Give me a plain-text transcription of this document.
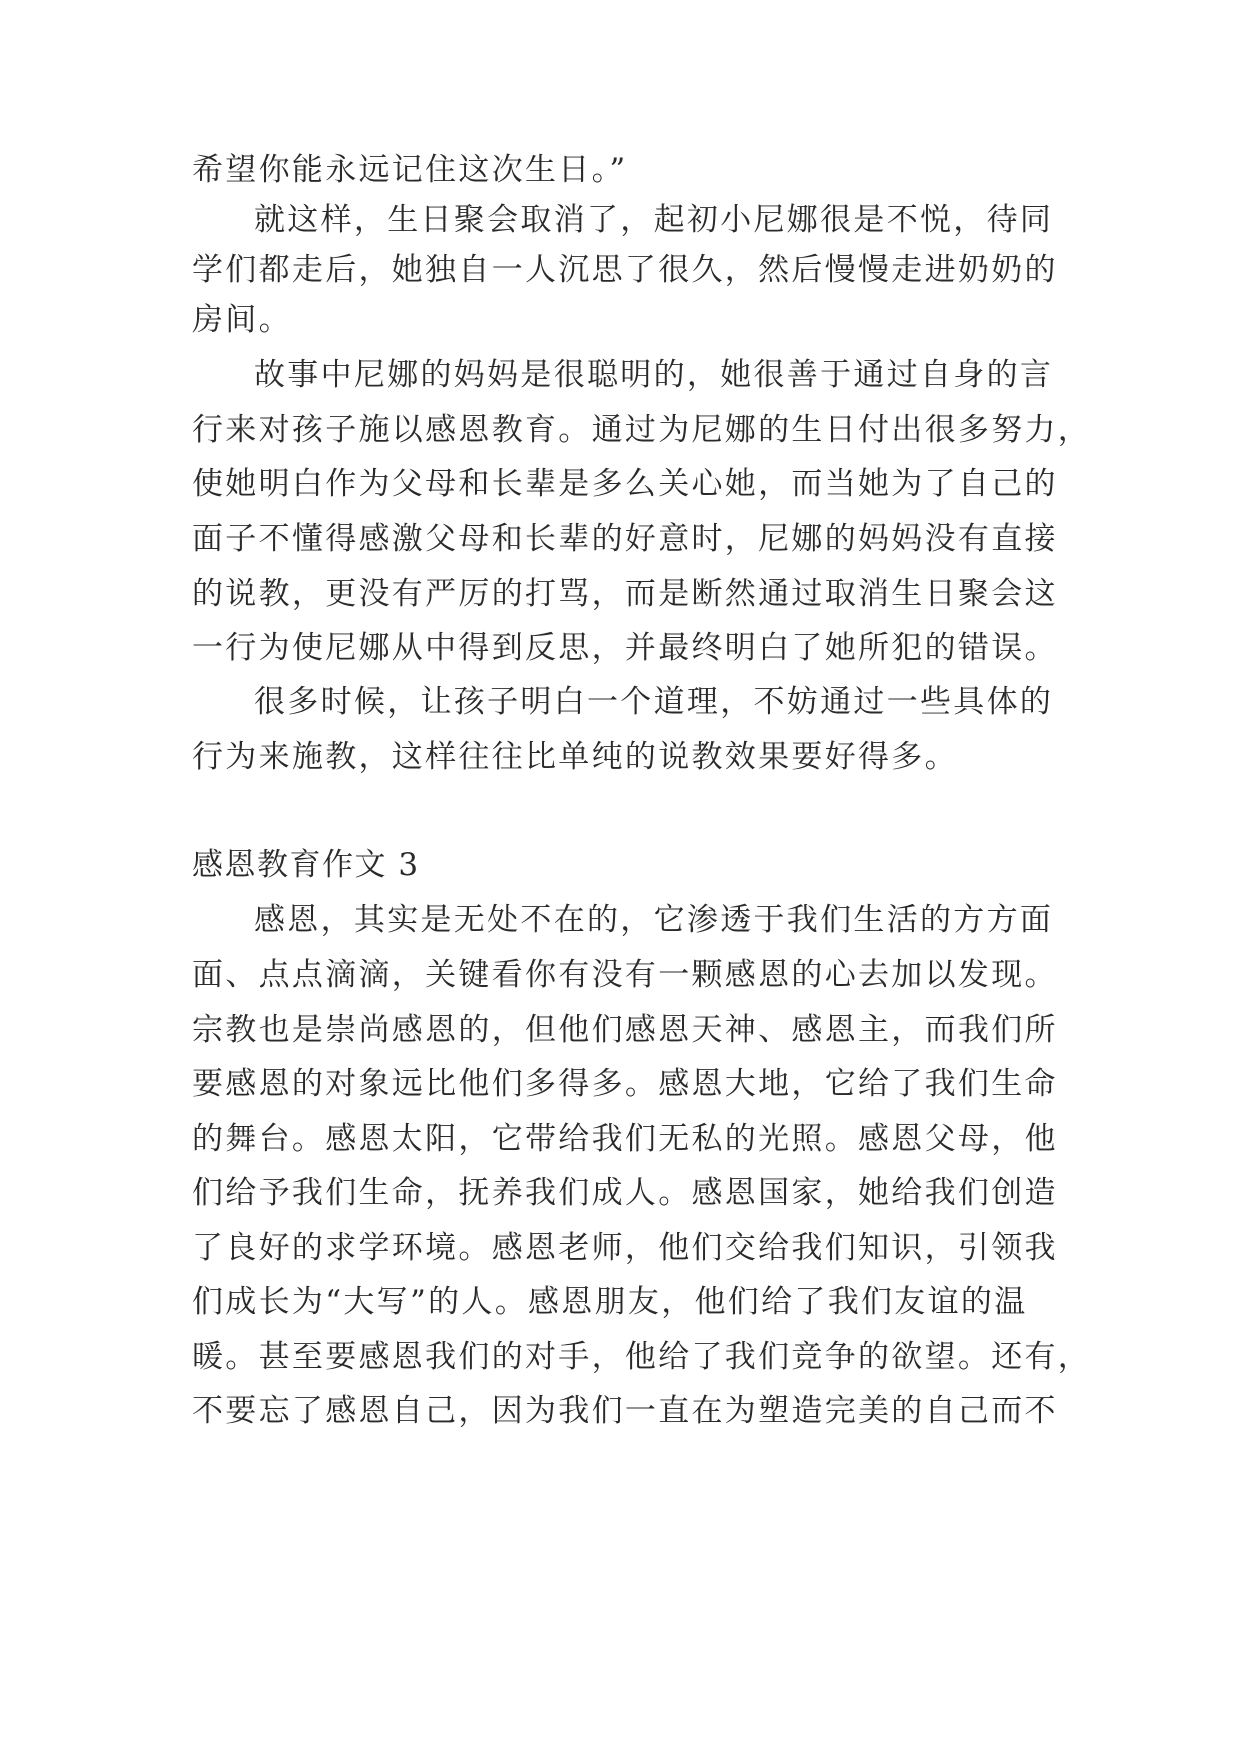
希望你能永远记住这次生日。”
就这样，生日聚会取消了，起初小尼娜很是不悦，待同
学们都走后，她独自一人沉思了很久，然后慢慢走进奶奶的
房间。
故事中尼娜的妈妈是很聪明的，她很善于通过自身的言
行来对孩子施以感恩教育。通过为尼娜的生日付出很多努力，
使她明白作为父母和长辈是多么关心她，而当她为了自己的
面子不懂得感激父母和长辈的好意时，尼娜的妈妈没有直接
的说教，更没有严厉的打骂，而是断然通过取消生日聚会这
一行为使尼娜从中得到反思，并最终明白了她所犯的错误。
很多时候，让孩子明白一个道理，不妨通过一些具体的
行为来施教，这样往往比单纯的说教效果要好得多。
感恩教育作文 3
感恩，其实是无处不在的，它渗透于我们生活的方方面
面、点点滴滴，关键看你有没有一颗感恩的心去加以发现。
宗教也是崇尚感恩的，但他们感恩天神、感恩主，而我们所
要感恩的对象远比他们多得多。感恩大地，它给了我们生命
的舞台。感恩太阳，它带给我们无私的光照。感恩父母，他
们给予我们生命，抚养我们成人。感恩国家，她给我们创造
了良好的求学环境。感恩老师，他们交给我们知识，引领我
们成长为“大写”的人。感恩朋友，他们给了我们友谊的温
暖。甚至要感恩我们的对手，他给了我们竞争的欲望。还有，
不要忘了感恩自己，因为我们一直在为塑造完美的自己而不
